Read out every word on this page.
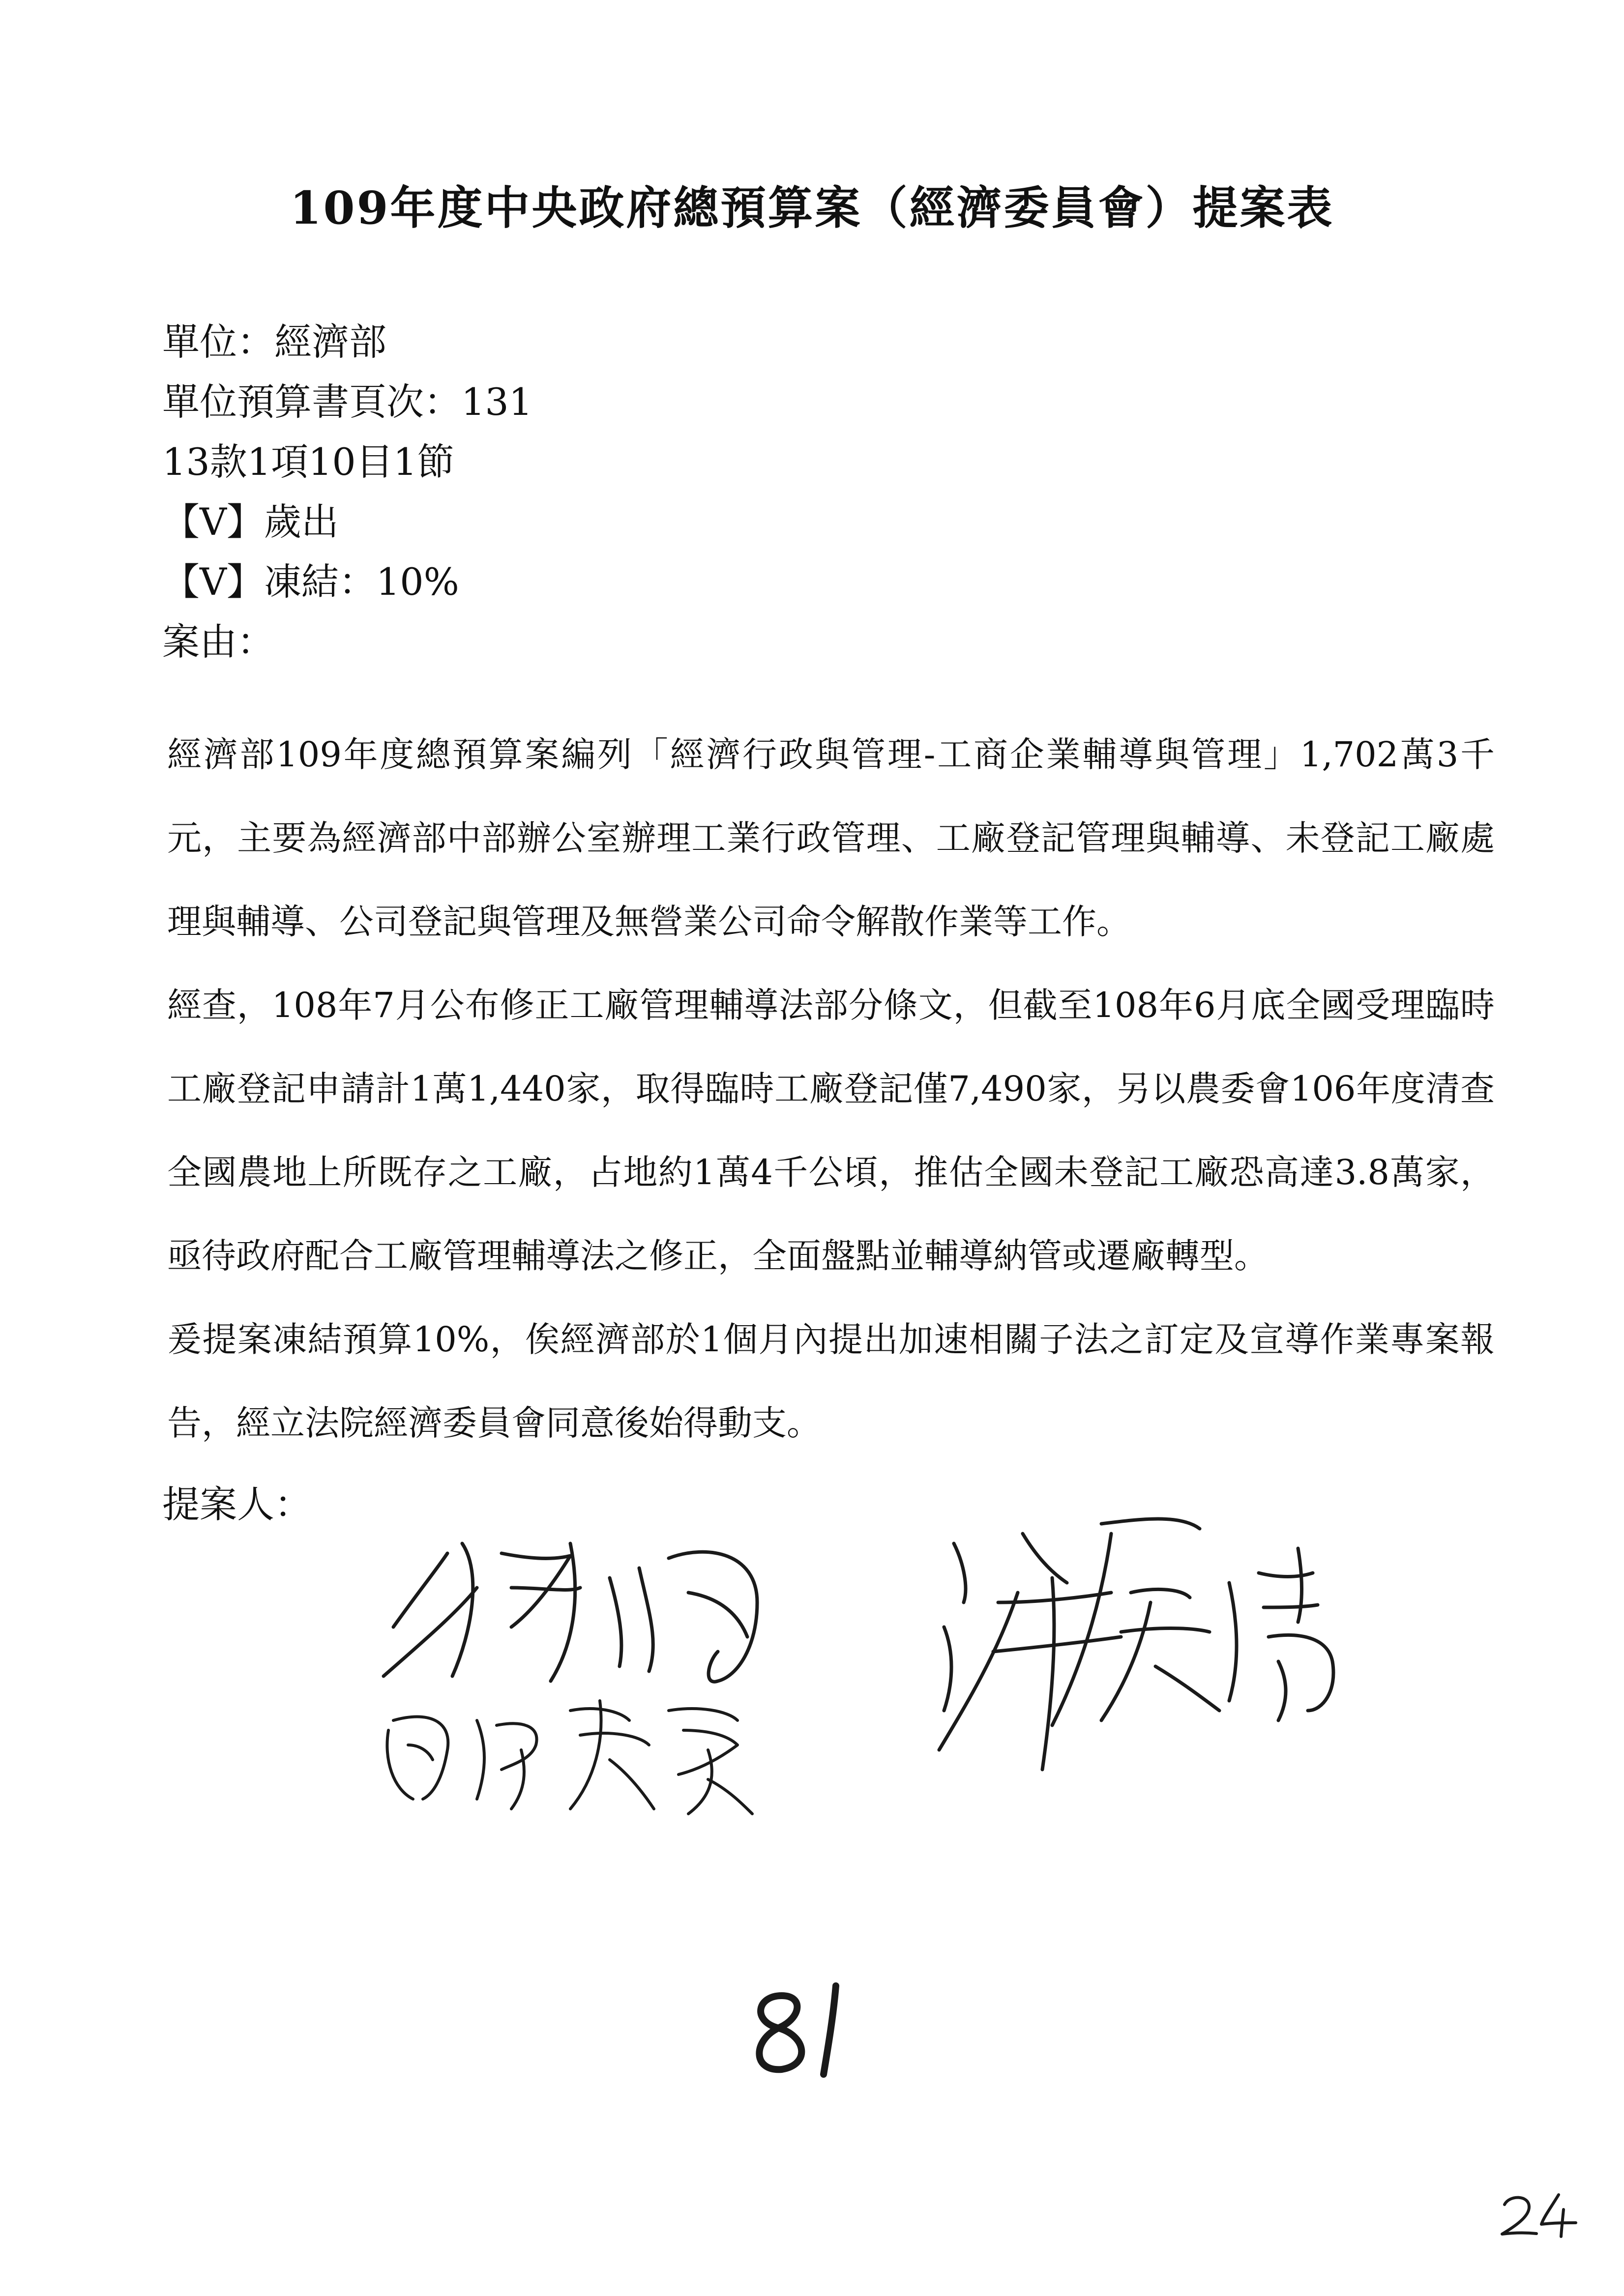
109年度中央政府總預算案（經濟委員會）提案表
單位：經濟部
單位預算書頁次：131
13款1項10目1節
【V】歲出
【V】凍結：10%
案由：

經濟部109年度總預算案編列「經濟行政與管理-工商企業輔導與管理」1,702萬3千元，主要為經濟部中部辦公室辦理工業行政管理、工廠登記管理與輔導、未登記工廠處理與輔導、公司登記與管理及無營業公司命令解散作業等工作。

經查，108年7月公布修正工廠管理輔導法部分條文，但截至108年6月底全國受理臨時工廠登記申請計1萬1,440家，取得臨時工廠登記僅7,490家，另以農委會106年度清查全國農地上所既存之工廠，占地約1萬4千公頃，推估全國未登記工廠恐高達3.8萬家，亟待政府配合工廠管理輔導法之修正，全面盤點並輔導納管或遷廠轉型。

爰提案凍結預算10%，俟經濟部於1個月內提出加速相關子法之訂定及宣導作業專案報告，經立法院經濟委員會同意後始得動支。

提案人：
